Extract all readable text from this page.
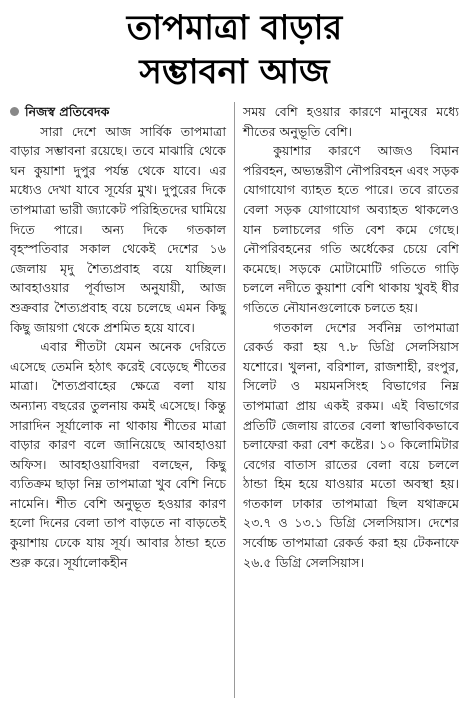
তাপমাত্রা বাড়ার
সম্ভাবনা আজ
নিজস্ব প্রতিবেদক

সারা দেশে আজ সার্বিক তাপমাত্রা বাড়ার সম্ভাবনা রয়েছে। তবে মাঝারি থেকে ঘন কুয়াশা দুপুর পর্যন্ত থেকে যাবে। এর মধ্যেও দেখা যাবে সূর্যের মুখ। দুপুরের দিকে তাপমাত্রা ভারী জ্যাকেট পরিহিতদের ঘামিয়ে দিতে পারে। অন্য দিকে গতকাল বৃহস্পতিবার সকাল থেকেই দেশের ১৬ জেলায় মৃদু শৈত্যপ্রবাহ বয়ে যাচ্ছিল। আবহাওয়ার পূর্বাভাস অনুযায়ী, আজ শুক্রবার শৈত্যপ্রবাহ বয়ে চলেছে এমন কিছু কিছু জায়গা থেকে প্রশমিত হয়ে যাবে।

এবার শীতটা যেমন অনেক দেরিতে এসেছে তেমনি হঠাৎ করেই বেড়েছে শীতের মাত্রা। শৈত্যপ্রবাহের ক্ষেত্রে বলা যায় অন্যান্য বছরের তুলনায় কমই এসেছে। কিন্তু সারাদিন সূর্যালোক না থাকায় শীতের মাত্রা বাড়ার কারণ বলে জানিয়েছে আবহাওয়া অফিস। আবহাওয়াবিদরা বলছেন, কিছু ব্যতিক্রম ছাড়া নিম্ন তাপমাত্রা খুব বেশি নিচে নামেনি। শীত বেশি অনুভূত হওয়ার কারণ হলো দিনের বেলা তাপ বাড়তে না বাড়তেই কুয়াশায় ঢেকে যায় সূর্য। আবার ঠান্ডা হতে শুরু করে। সূর্যালোকহীন

সময় বেশি হওয়ার কারণে মানুষের মধ্যে শীতের অনুভূতি বেশি।

কুয়াশার কারণে আজও বিমান পরিবহন, অভ্যন্তরীণ নৌপরিবহন এবং সড়ক যোগাযোগ ব্যাহত হতে পারে। তবে রাতের বেলা সড়ক যোগাযোগ অব্যাহত থাকলেও যান চলাচলের গতি বেশ কমে গেছে। নৌপরিবহনের গতি অর্ধেকের চেয়ে বেশি কমেছে। সড়কে মোটামোটি গতিতে গাড়ি চললে নদীতে কুয়াশা বেশি থাকায় খুবই ধীর গতিতে নৌযানগুলোকে চলতে হয়।

গতকাল দেশের সর্বনিম্ন তাপমাত্রা রেকর্ড করা হয় ৭.৮ ডিগ্রি সেলসিয়াস যশোরে। খুলনা, বরিশাল, রাজশাহী, রংপুর, সিলেট ও ময়মনসিংহ বিভাগের নিম্ন তাপমাত্রা প্রায় একই রকম। এই বিভাগের প্রতিটি জেলায় রাতের বেলা স্বাভাবিকভাবে চলাফেরা করা বেশ কষ্টের। ১০ কিলোমিটার বেগের বাতাস রাতের বেলা বয়ে চললে ঠান্ডা হিম হয়ে যাওয়ার মতো অবস্থা হয়। গতকাল ঢাকার তাপমাত্রা ছিল যথাক্রমে ২৩.৭ ও ১৩.১ ডিগ্রি সেলসিয়াস। দেশের সর্বোচ্চ তাপমাত্রা রেকর্ড করা হয় টেকনাফে ২৬.৫ ডিগ্রি সেলসিয়াস।
